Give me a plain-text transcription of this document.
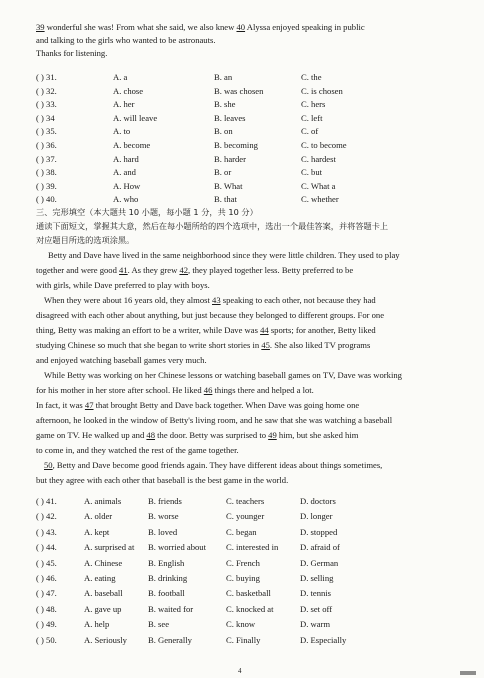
39 wonderful she was! From what she said, we also knew 40 Alyssa enjoyed speaking in public
and talking to the girls who wanted to be astronauts.
Thanks for listening.
( ) 31.	A. a	B. an	C. the
( ) 32.	A. chose	B. was chosen	C. is chosen
( ) 33.	A. her	B. she	C. hers
( ) 34	A. will leave	B. leaves	C. left
( ) 35.	A. to	B. on	C. of
( ) 36.	A. become	B. becoming	C. to become
( ) 37.	A. hard	B. harder	C. hardest
( ) 38.	A. and	B. or	C. but
( ) 39.	A. How	B. What	C. What a
( ) 40.	A. who	B. that	C. whether
三、完形填空（本大题共 10 小题，每小题 1 分，共 10 分）
通读下面短文，掌握其大意，然后在每小题所给的四个选项中，选出一个最佳答案，并将答题卡上
对应题目所选的选项涂黑。
Betty and Dave have lived in the same neighborhood since they were little children. They used to play
together and were good 41. As they grew 42, they played together less. Betty preferred to be
with girls, while Dave preferred to play with boys.
When they were about 16 years old, they almost 43 speaking to each other, not because they had
disagreed with each other about anything, but just because they belonged to different groups. For one
thing, Betty was making an effort to be a writer, while Dave was 44 sports; for another, Betty liked
studying Chinese so much that she began to write short stories in 45. She also liked TV programs
and enjoyed watching baseball games very much.
While Betty was working on her Chinese lessons or watching baseball games on TV, Dave was working
for his mother in her store after school. He liked 46 things there and helped a lot.
In fact, it was 47 that brought Betty and Dave back together. When Dave was going home one
afternoon, he looked in the window of Betty's living room, and he saw that she was watching a baseball
game on TV. He walked up and 48 the door. Betty was surprised to 49 him, but she asked him
to come in, and they watched the rest of the game together.
50, Betty and Dave become good friends again. They have different ideas about things sometimes,
but they agree with each other that baseball is the best game in the world.
( ) 41.	A. animals	B. friends	C. teachers	D. doctors
( ) 42.	A. older	B. worse	C. younger	D. longer
( ) 43.	A. kept	B. loved	C. began	D. stopped
( ) 44.	A. surprised at B. worried about C. interested in	D. afraid of
( ) 45.	A. Chinese	B. English	C. French	D. German
( ) 46.	A. eating	B. drinking	C. buying	D. selling
( ) 47.	A. baseball	B. football	C. basketball	D. tennis
( ) 48.	A. gave up	B. waited for	C. knocked at	D. set off
( ) 49.	A. help	B. see	C. know	D. warm
( ) 50.	A. Seriously B. Generally	C. Finally	D. Especially
4
